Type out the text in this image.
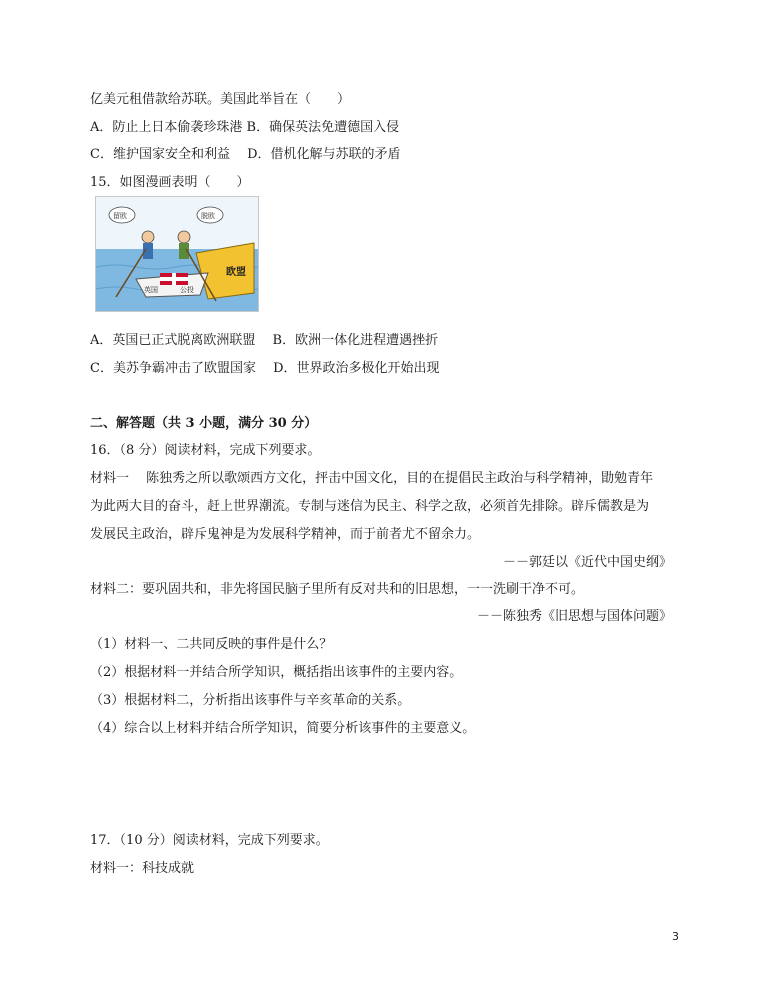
亿美元租借款给苏联。美国此举旨在（　　）
A．防止上日本偷袭珍珠港 B．确保英法免遭德国入侵
C．维护国家安全和利益　 D．借机化解与苏联的矛盾
15．如图漫画表明（　　）
欧盟
英国	公投
留欧	脱欧
A．英国已正式脱离欧洲联盟　 B．欧洲一体化进程遭遇挫折
C．美苏争霸冲击了欧盟国家　 D．世界政治多极化开始出现
二、解答题（共 3 小题，满分 30 分）
16．（8 分）阅读材料，完成下列要求。
材料一　 陈独秀之所以歌颂西方文化，抨击中国文化，目的在提倡民主政治与科学精神，勖勉青年
为此两大目的奋斗，赶上世界潮流。专制与迷信为民主、科学之敌，必须首先排除。辟斥儒教是为
发展民主政治，辟斥鬼神是为发展科学精神，而于前者尤不留余力。
－－郭廷以《近代中国史纲》
材料二：要巩固共和，非先将国民脑子里所有反对共和的旧思想，一一洗刷干净不可。
－－陈独秀《旧思想与国体问题》
（1）材料一、二共同反映的事件是什么？
（2）根据材料一并结合所学知识，概括指出该事件的主要内容。
（3）根据材料二，分析指出该事件与辛亥革命的关系。
（4）综合以上材料并结合所学知识，简要分析该事件的主要意义。
17．（10 分）阅读材料，完成下列要求。
材料一：科技成就
3
